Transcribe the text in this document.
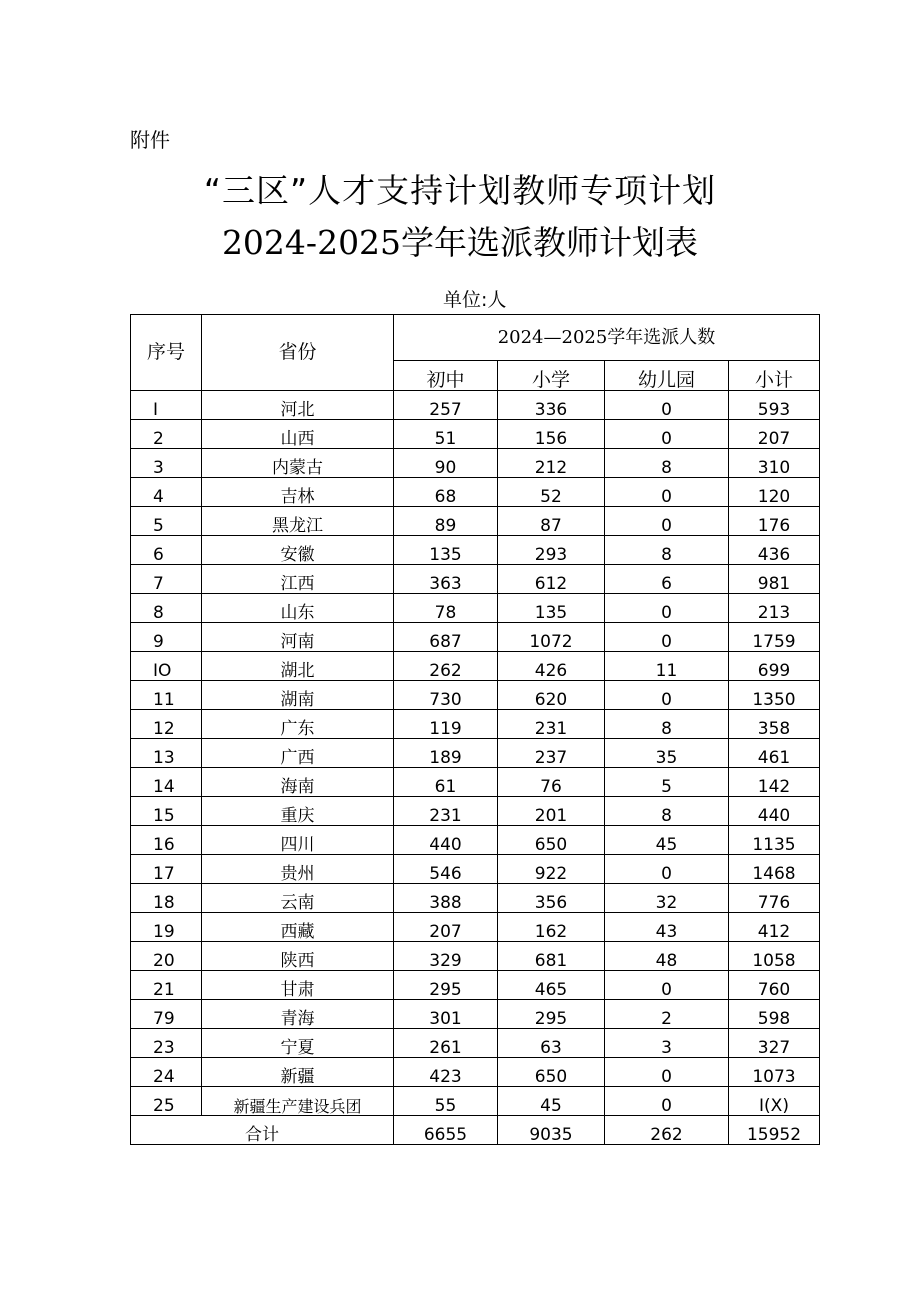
附件
“三区”人才支持计划教师专项计划
2024-2025学年选派教师计划表
单位:人
序号	省份	2024—2025学年选派人数			
		初中	小学	幼儿园	小计
I	河北	257	336	0	593
2	山西	51	156	0	207
3	内蒙古	90	212	8	310
4	吉林	68	52	0	120
5	黑龙江	89	87	0	176
6	安徽	135	293	8	436
7	江西	363	612	6	981
8	山东	78	135	0	213
9	河南	687	1072	0	1759
IO	湖北	262	426	11	699
11	湖南	730	620	0	1350
12	广东	119	231	8	358
13	广西	189	237	35	461
14	海南	61	76	5	142
15	重庆	231	201	8	440
16	四川	440	650	45	1135
17	贵州	546	922	0	1468
18	云南	388	356	32	776
19	西藏	207	162	43	412
20	陕西	329	681	48	1058
21	甘肃	295	465	0	760
79	青海	301	295	2	598
23	宁夏	261	63	3	327
24	新疆	423	650	0	1073
25	新疆生产建设兵团	55	45	0	I(X)
合计		6655	9035	262	15952
